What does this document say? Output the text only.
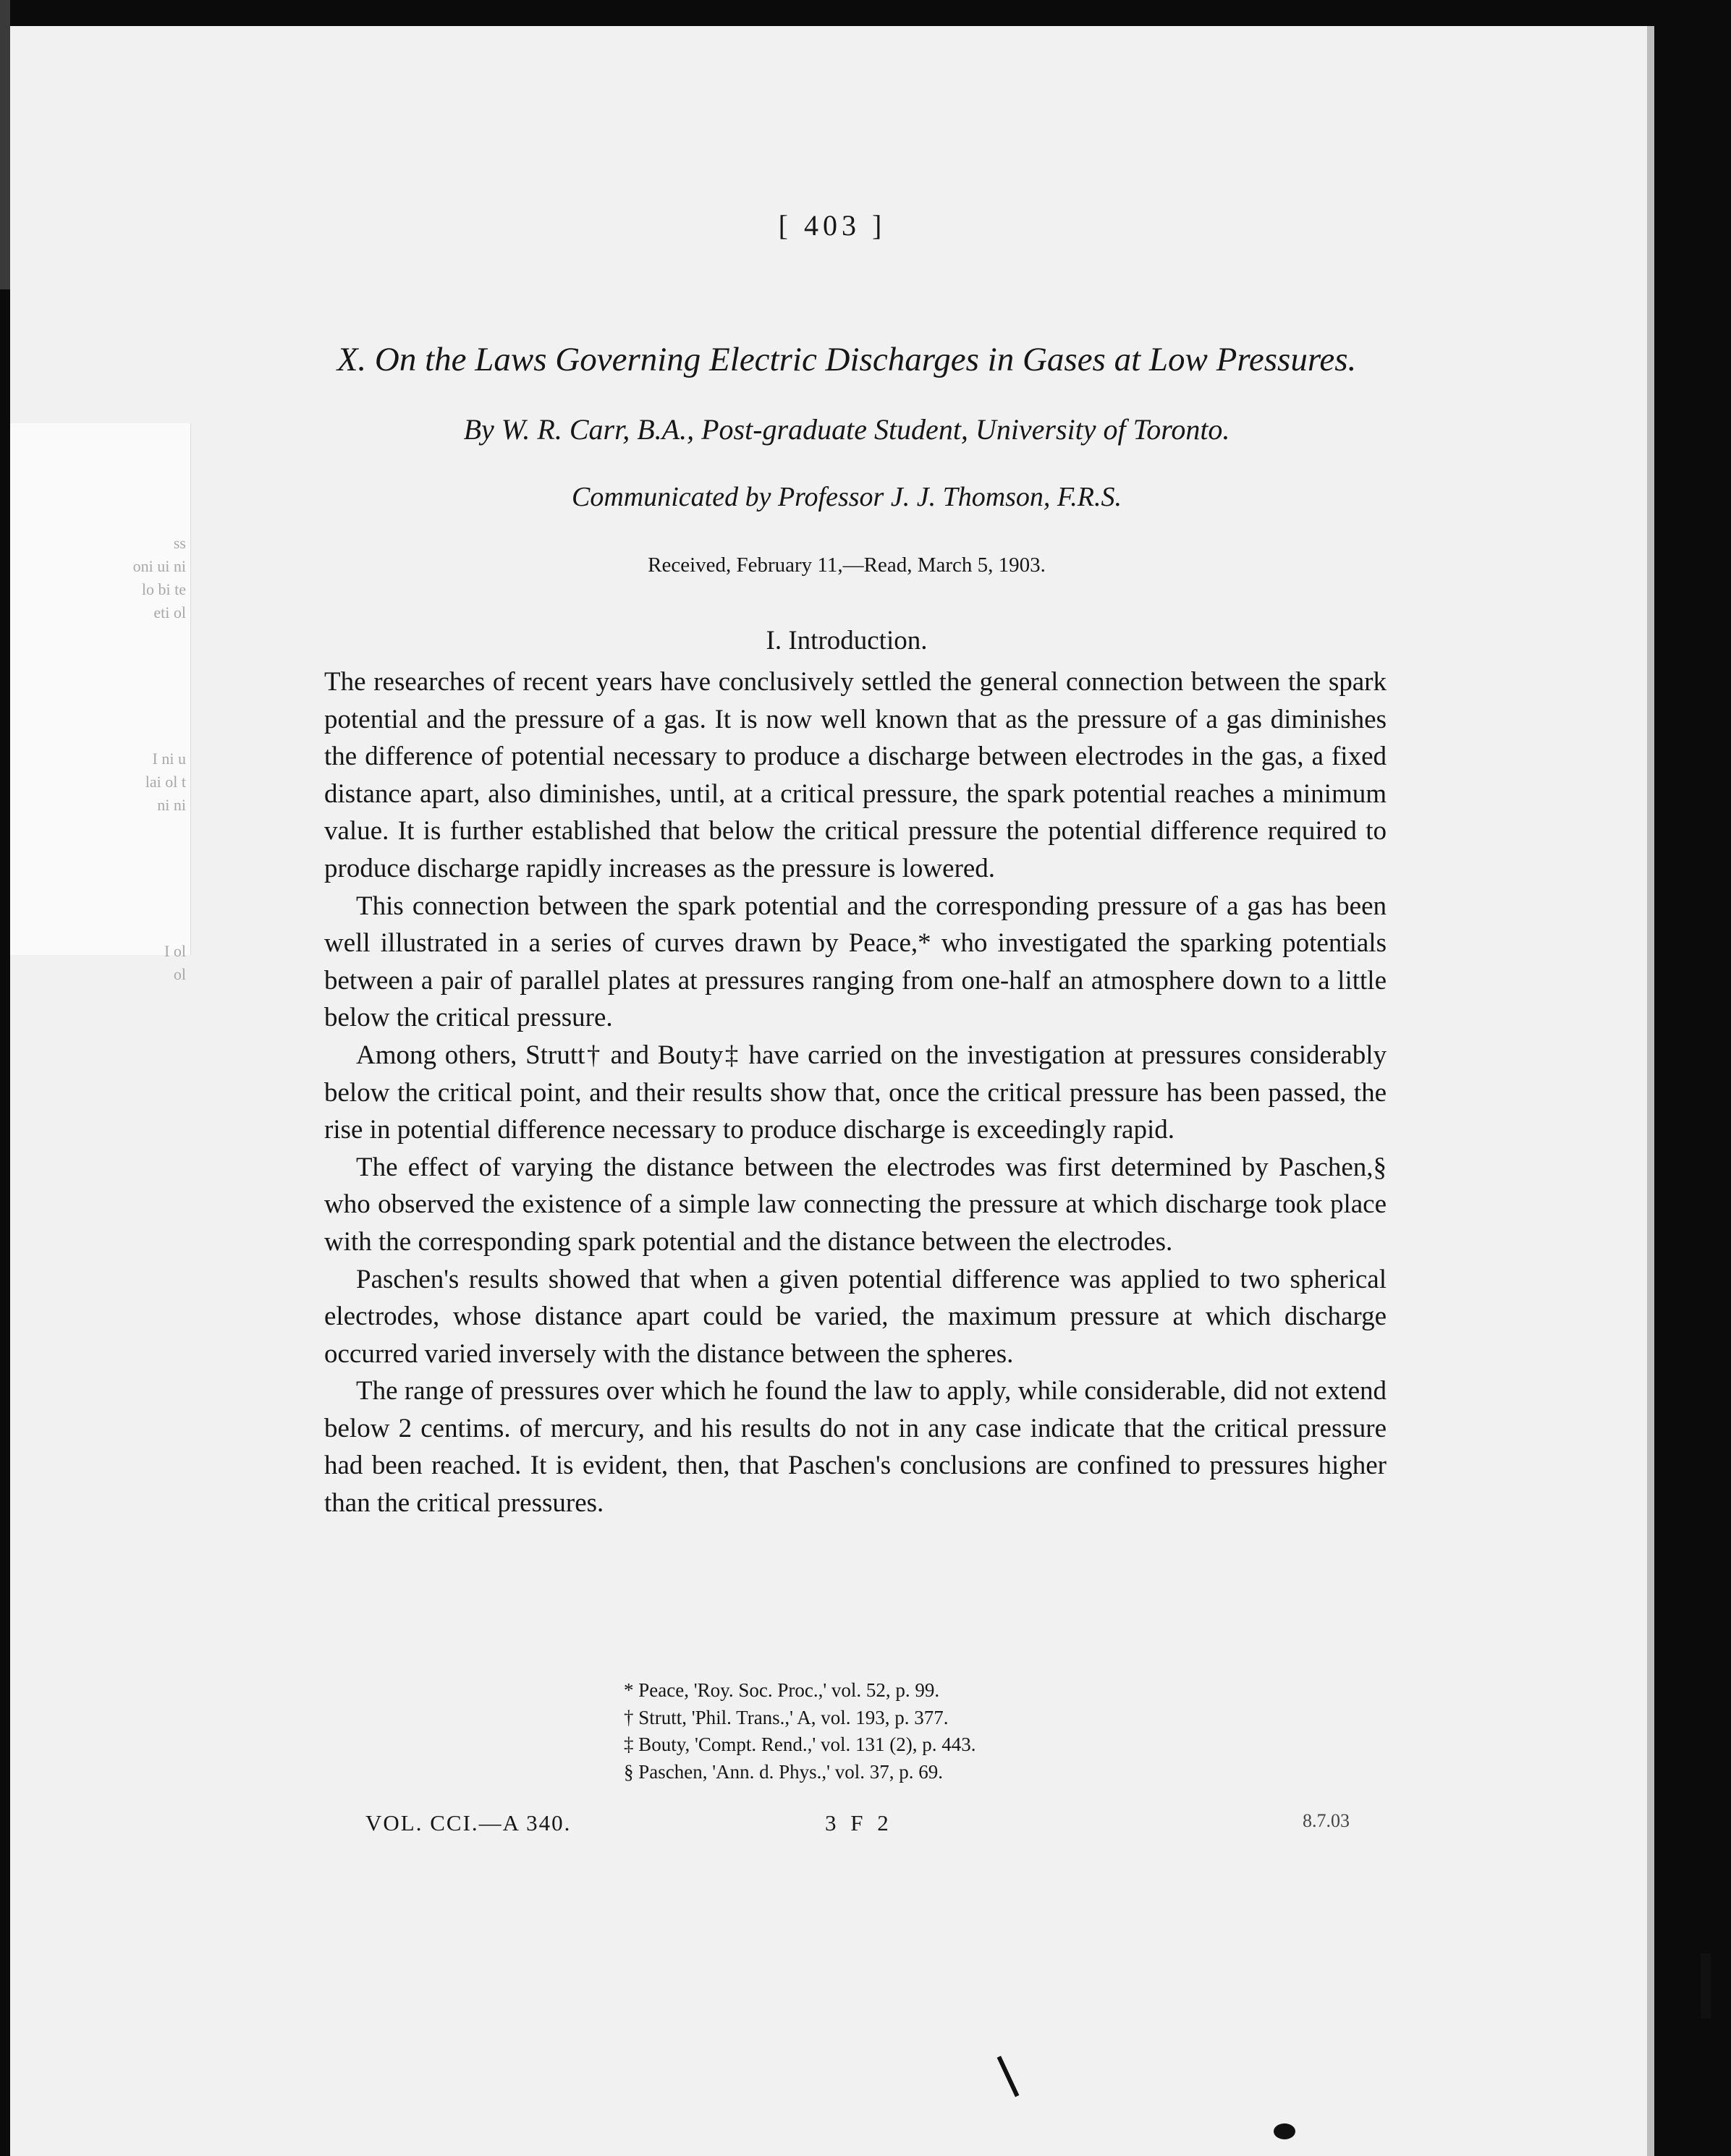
ss
oni ui ni
lo bi te
eti ol
I ni u
lai ol t
ni ni
I ol
ol

[ 403 ]

X. On the Laws Governing Electric Discharges in Gases at Low Pressures.

By W. R. Carr, B.A., Post-graduate Student, University of Toronto.

Communicated by Professor J. J. Thomson, F.R.S.

Received, February 11,—Read, March 5, 1903.

I. Introduction.

The researches of recent years have conclusively settled the general connection between the spark potential and the pressure of a gas. It is now well known that as the pressure of a gas diminishes the difference of potential necessary to produce a discharge between electrodes in the gas, a fixed distance apart, also diminishes, until, at a critical pressure, the spark potential reaches a minimum value. It is further established that below the critical pressure the potential difference required to produce discharge rapidly increases as the pressure is lowered.

This connection between the spark potential and the corresponding pressure of a gas has been well illustrated in a series of curves drawn by Peace,* who investigated the sparking potentials between a pair of parallel plates at pressures ranging from one-half an atmosphere down to a little below the critical pressure.

Among others, Strutt† and Bouty‡ have carried on the investigation at pressures considerably below the critical point, and their results show that, once the critical pressure has been passed, the rise in potential difference necessary to produce discharge is exceedingly rapid.

The effect of varying the distance between the electrodes was first determined by Paschen,§ who observed the existence of a simple law connecting the pressure at which discharge took place with the corresponding spark potential and the distance between the electrodes.

Paschen's results showed that when a given potential difference was applied to two spherical electrodes, whose distance apart could be varied, the maximum pressure at which discharge occurred varied inversely with the distance between the spheres.

The range of pressures over which he found the law to apply, while considerable, did not extend below 2 centims. of mercury, and his results do not in any case indicate that the critical pressure had been reached. It is evident, then, that Paschen's conclusions are confined to pressures higher than the critical pressures.

* Peace, 'Roy. Soc. Proc.,' vol. 52, p. 99.
† Strutt, 'Phil. Trans.,' A, vol. 193, p. 377.
‡ Bouty, 'Compt. Rend.,' vol. 131 (2), p. 443.
§ Paschen, 'Ann. d. Phys.,' vol. 37, p. 69.

VOL. CCI.—A 340.	3 F 2	8.7.03
